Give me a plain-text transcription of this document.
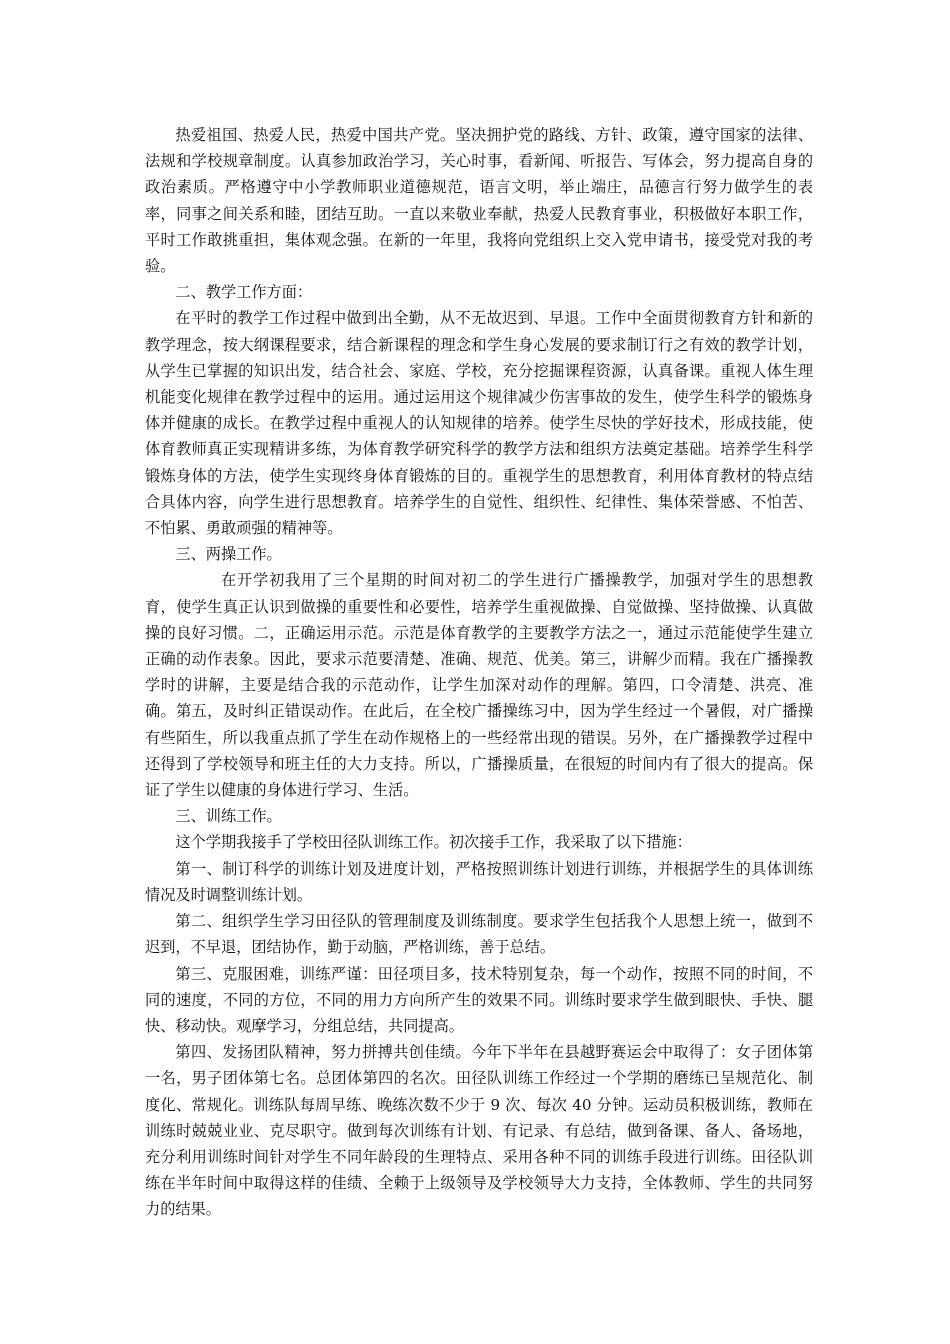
热爱祖国、热爱人民，热爱中国共产党。坚决拥护党的路线、方针、政策，遵守国家的法律、法规和学校规章制度。认真参加政治学习，关心时事，看新闻、听报告、写体会，努力提高自身的政治素质。严格遵守中小学教师职业道德规范，语言文明，举止端庄，品德言行努力做学生的表率，同事之间关系和睦，团结互助。一直以来敬业奉献，热爱人民教育事业，积极做好本职工作，平时工作敢挑重担，集体观念强。在新的一年里，我将向党组织上交入党申请书，接受党对我的考验。

二、教学工作方面：

在平时的教学工作过程中做到出全勤，从不无故迟到、早退。工作中全面贯彻教育方针和新的教学理念，按大纲课程要求，结合新课程的理念和学生身心发展的要求制订行之有效的教学计划，从学生已掌握的知识出发，结合社会、家庭、学校，充分挖掘课程资源，认真备课。重视人体生理机能变化规律在教学过程中的运用。通过运用这个规律减少伤害事故的发生，使学生科学的锻炼身体并健康的成长。在教学过程中重视人的认知规律的培养。使学生尽快的学好技术，形成技能，使体育教师真正实现精讲多练，为体育教学研究科学的教学方法和组织方法奠定基础。培养学生科学锻炼身体的方法，使学生实现终身体育锻炼的目的。重视学生的思想教育，利用体育教材的特点结合具体内容，向学生进行思想教育。培养学生的自觉性、组织性、纪律性、集体荣誉感、不怕苦、不怕累、勇敢顽强的精神等。

三、两操工作。

在开学初我用了三个星期的时间对初二的学生进行广播操教学，加强对学生的思想教育，使学生真正认识到做操的重要性和必要性，培养学生重视做操、自觉做操、坚持做操、认真做操的良好习惯。二，正确运用示范。示范是体育教学的主要教学方法之一，通过示范能使学生建立正确的动作表象。因此，要求示范要清楚、准确、规范、优美。第三，讲解少而精。我在广播操教学时的讲解，主要是结合我的示范动作，让学生加深对动作的理解。第四，口令清楚、洪亮、准确。第五，及时纠正错误动作。在此后，在全校广播操练习中，因为学生经过一个暑假，对广播操有些陌生，所以我重点抓了学生在动作规格上的一些经常出现的错误。另外，在广播操教学过程中还得到了学校领导和班主任的大力支持。所以，广播操质量，在很短的时间内有了很大的提高。保证了学生以健康的身体进行学习、生活。

三、训练工作。

这个学期我接手了学校田径队训练工作。初次接手工作，我采取了以下措施：

第一、制订科学的训练计划及进度计划，严格按照训练计划进行训练，并根据学生的具体训练情况及时调整训练计划。

第二、组织学生学习田径队的管理制度及训练制度。要求学生包括我个人思想上统一，做到不迟到，不早退，团结协作，勤于动脑，严格训练，善于总结。

第三、克服困难，训练严谨：田径项目多，技术特别复杂，每一个动作，按照不同的时间，不同的速度，不同的方位，不同的用力方向所产生的效果不同。训练时要求学生做到眼快、手快、腿快、移动快。观摩学习，分组总结，共同提高。

第四、发扬团队精神，努力拼搏共创佳绩。今年下半年在县越野赛运会中取得了：女子团体第一名，男子团体第七名。总团体第四的名次。田径队训练工作经过一个学期的磨练已呈规范化、制度化、常规化。训练队每周早练、晚练次数不少于 9 次、每次 40 分钟。运动员积极训练，教师在训练时兢兢业业、克尽职守。做到每次训练有计划、有记录、有总结，做到备课、备人、备场地，充分利用训练时间针对学生不同年龄段的生理特点、采用各种不同的训练手段进行训练。田径队训练在半年时间中取得这样的佳绩、全赖于上级领导及学校领导大力支持，全体教师、学生的共同努力的结果。
